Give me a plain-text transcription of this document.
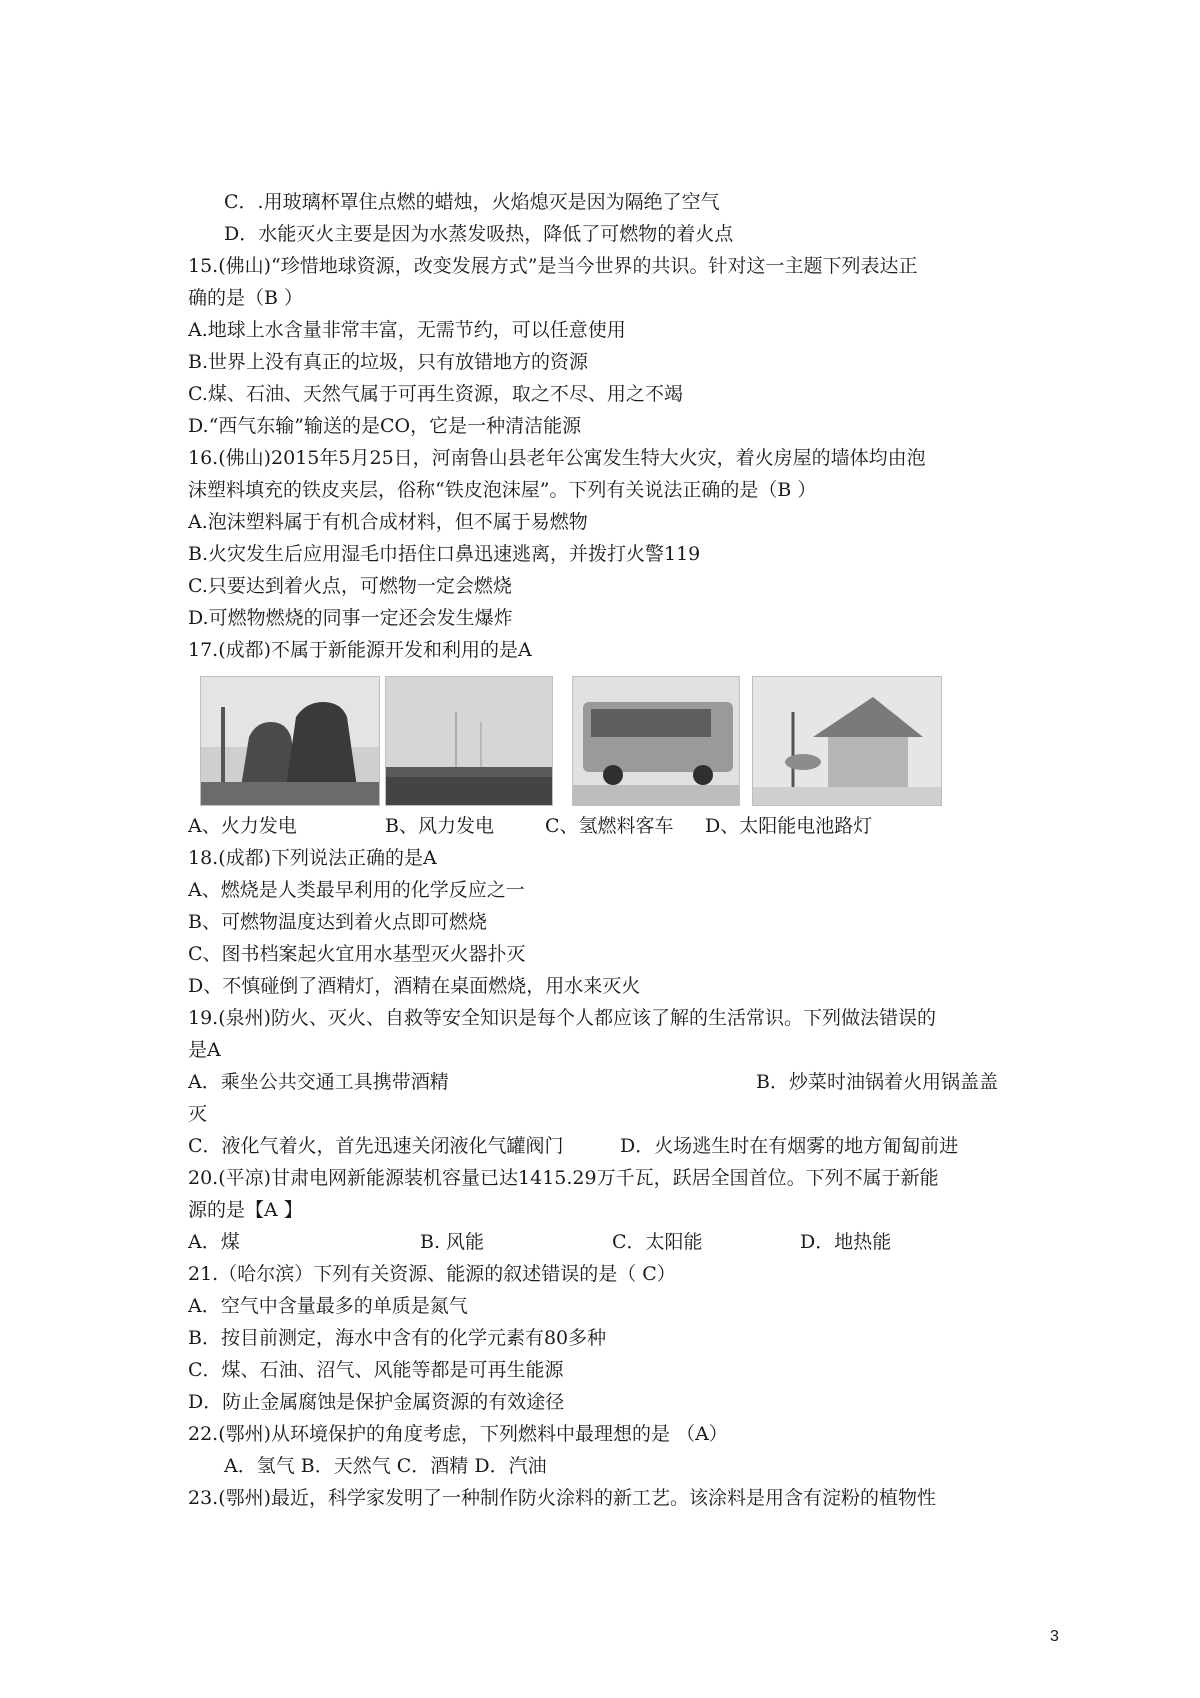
C．.用玻璃杯罩住点燃的蜡烛，火焰熄灭是因为隔绝了空气
D．水能灭火主要是因为水蒸发吸热，降低了可燃物的着火点
15.(佛山)“珍惜地球资源，改变发展方式”是当今世界的共识。针对这一主题下列表达正
确的是（B ）
A.地球上水含量非常丰富，无需节约，可以任意使用
B.世界上没有真正的垃圾，只有放错地方的资源
C.煤、石油、天然气属于可再生资源，取之不尽、用之不竭
D.“西气东输”输送的是CO，它是一种清洁能源
16.(佛山)2015年5月25日，河南鲁山县老年公寓发生特大火灾，着火房屋的墙体均由泡
沫塑料填充的铁皮夹层，俗称“铁皮泡沫屋”。下列有关说法正确的是（B ）
A.泡沫塑料属于有机合成材料，但不属于易燃物
B.火灾发生后应用湿毛巾捂住口鼻迅速逃离，并拨打火警119
C.只要达到着火点，可燃物一定会燃烧
D.可燃物燃烧的同事一定还会发生爆炸
17.(成都)不属于新能源开发和利用的是A
A、火力发电	B、风力发电	C、氢燃料客车 D、太阳能电池路灯
18.(成都)下列说法正确的是A
A、燃烧是人类最早利用的化学反应之一
B、可燃物温度达到着火点即可燃烧
C、图书档案起火宜用水基型灭火器扑灭
D、不慎碰倒了酒精灯，酒精在桌面燃烧，用水来灭火
19.(泉州)防火、灭火、自救等安全知识是每个人都应该了解的生活常识。下列做法错误的
是A
A．乘坐公共交通工具携带酒精	B．炒菜时油锅着火用锅盖盖
灭
C．液化气着火，首先迅速关闭液化气罐阀门	D．火场逃生时在有烟雾的地方匍匐前进
20.(平凉)甘肃电网新能源装机容量已达1415.29万千瓦，跃居全国首位。下列不属于新能
源的是【A 】
A．煤	B. 风能	C．太阳能	D．地热能
21.（哈尔滨）下列有关资源、能源的叙述错误的是（ C）
A．空气中含量最多的单质是氮气
B．按目前测定，海水中含有的化学元素有80多种
C．煤、石油、沼气、风能等都是可再生能源
D．防止金属腐蚀是保护金属资源的有效途径
22.(鄂州)从环境保护的角度考虑，下列燃料中最理想的是 （A）
A．氢气 B．天然气 C．酒精 D．汽油
23.(鄂州)最近，科学家发明了一种制作防火涂料的新工艺。该涂料是用含有淀粉的植物性
3
